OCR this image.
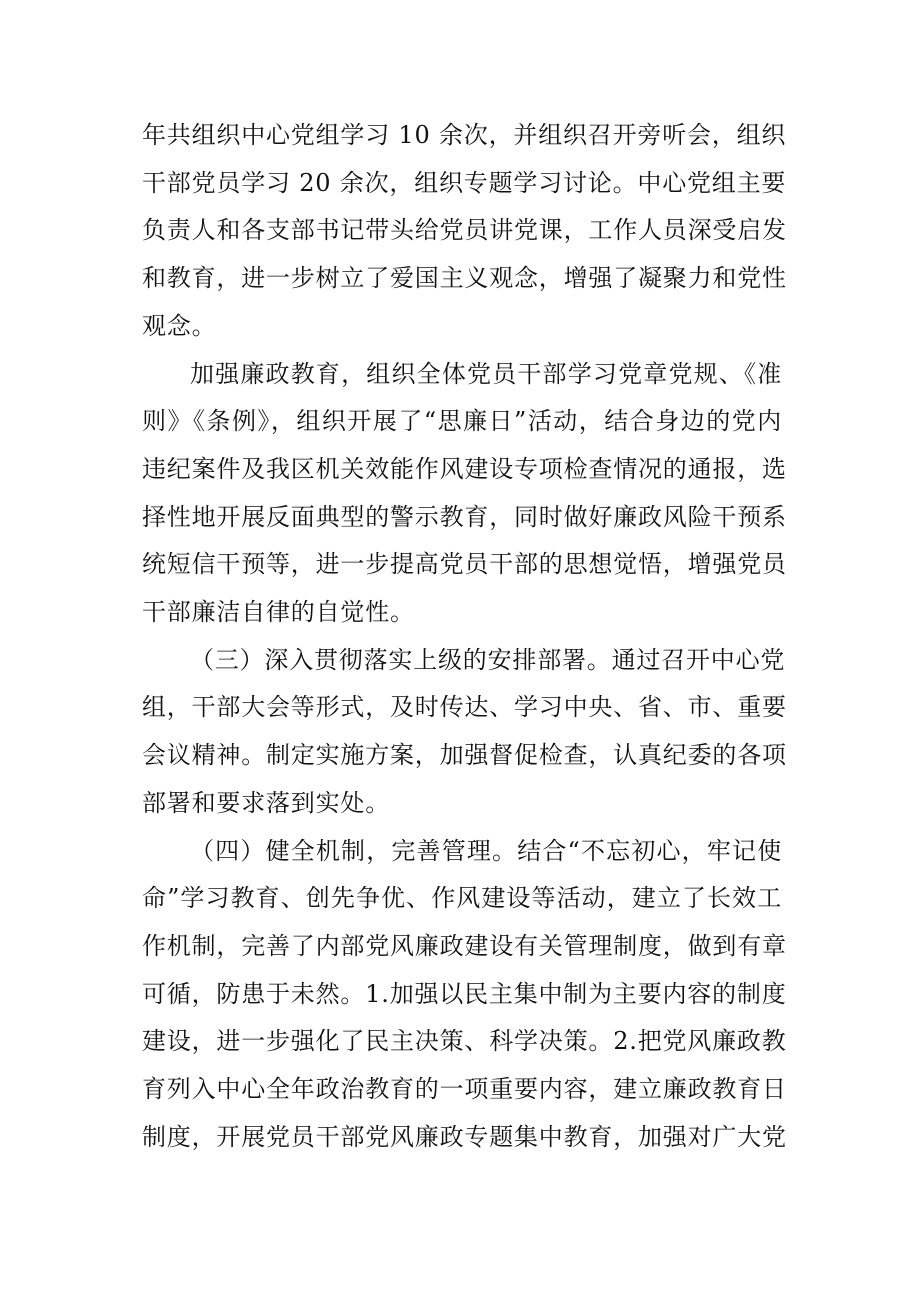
年共组织中心党组学习 10 余次，并组织召开旁听会，组织
干部党员学习 20 余次，组织专题学习讨论。中心党组主要
负责人和各支部书记带头给党员讲党课，工作人员深受启发
和教育，进一步树立了爱国主义观念，增强了凝聚力和党性
观念。
加强廉政教育，组织全体党员干部学习党章党规、《准
则》《条例》，组织开展了“思廉日”活动，结合身边的党内
违纪案件及我区机关效能作风建设专项检查情况的通报，选
择性地开展反面典型的警示教育，同时做好廉政风险干预系
统短信干预等，进一步提高党员干部的思想觉悟，增强党员
干部廉洁自律的自觉性。
（三）深入贯彻落实上级的安排部署。通过召开中心党
组，干部大会等形式，及时传达、学习中央、省、市、重要
会议精神。制定实施方案，加强督促检查，认真纪委的各项
部署和要求落到实处。
（四）健全机制，完善管理。结合“不忘初心，牢记使
命”学习教育、创先争优、作风建设等活动，建立了长效工
作机制，完善了内部党风廉政建设有关管理制度，做到有章
可循，防患于未然。1.加强以民主集中制为主要内容的制度
建设，进一步强化了民主决策、科学决策。2.把党风廉政教
育列入中心全年政治教育的一项重要内容，建立廉政教育日
制度，开展党员干部党风廉政专题集中教育，加强对广大党
